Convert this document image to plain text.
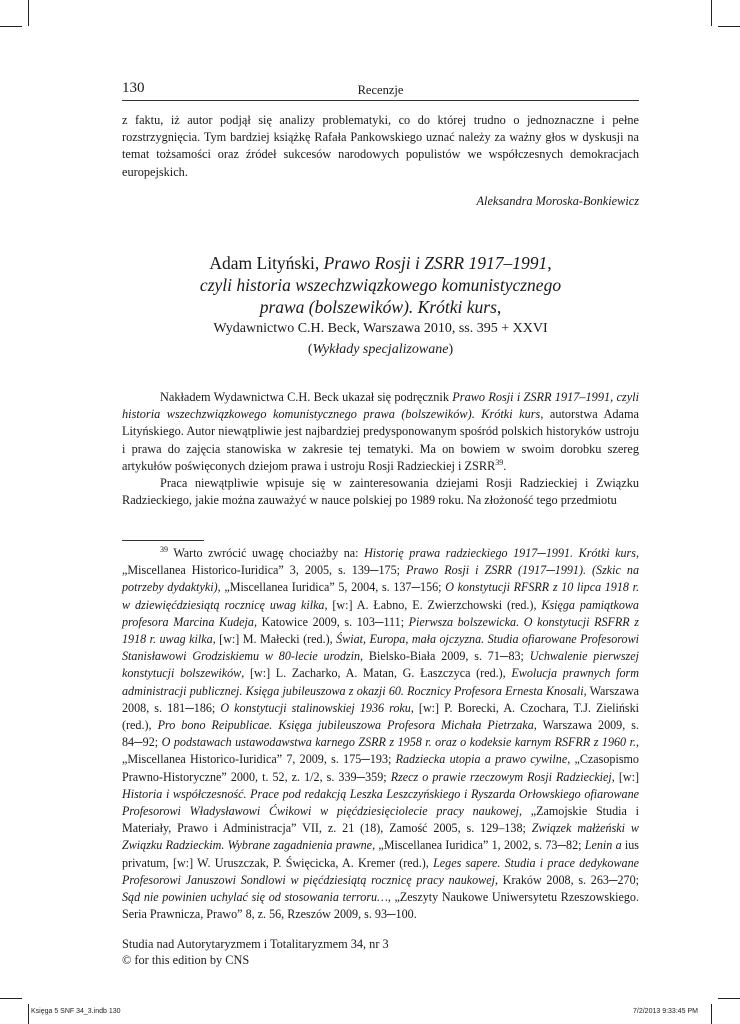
130	Recenzje

z faktu, iż autor podjął się analizy problematyki, co do której trudno o jednoznaczne i pełne rozstrzygnięcia. Tym bardziej książkę Rafała Pankowskiego uznać należy za ważny głos w dyskusji na temat tożsamości oraz źródeł sukcesów narodowych populistów we współczesnych demokracjach europejskich.

Aleksandra Moroska-Bonkiewicz
Adam Lityński, Prawo Rosji i ZSRR 1917–1991,
czyli historia wszechzwiązkowego komunistycznego
prawa (bolszewików). Krótki kurs,
Wydawnictwo C.H. Beck, Warszawa 2010, ss. 395 + XXVI
(Wykłady specjalizowane)

Nakładem Wydawnictwa C.H. Beck ukazał się podręcznik Prawo Rosji i ZSRR 1917–1991, czyli historia wszechzwiązkowego komunistycznego prawa (bolszewików). Krótki kurs, autorstwa Adama Lityńskiego. Autor niewątpliwie jest najbardziej predysponowanym spośród polskich historyków ustroju i prawa do zajęcia stanowiska w zakresie tej tematyki. Ma on bowiem w swoim dorobku szereg artykułów poświęconych dziejom prawa i ustroju Rosji Radzieckiej i ZSRR$^{39}$.

Praca niewątpliwie wpisuje się w zainteresowania dziejami Rosji Radzieckiej i Związku Radzieckiego, jakie można zauważyć w nauce polskiej po 1989 roku. Na złożoność tego przedmiotu

$^{39}$ Warto zwrócić uwagę chociażby na: Historię prawa radzieckiego 1917─1991. Krótki kurs, „Miscellanea Historico-Iuridica” 3, 2005, s. 139─175; Prawo Rosji i ZSRR (1917─1991). (Szkic na potrzeby dydaktyki), „Miscellanea Iuridica” 5, 2004, s. 137─156; O konstytucji RFSRR z 10 lipca 1918 r. w dziewięćdziesiątą rocznicę uwag kilka, [w:] A. Łabno, E. Zwierzchowski (red.), Księga pamiątkowa profesora Marcina Kudeja, Katowice 2009, s. 103─111; Pierwsza bolszewicka. O konstytucji RSFRR z 1918 r. uwag kilka, [w:] M. Małecki (red.), Świat, Europa, mała ojczyzna. Studia ofiarowane Profesorowi Stanisławowi Grodziskiemu w 80-lecie urodzin, Bielsko-Biała 2009, s. 71─83; Uchwalenie pierwszej konstytucji bolszewików, [w:] L. Zacharko, A. Matan, G. Łaszczyca (red.), Ewolucja prawnych form administracji publicznej. Księga jubileuszowa z okazji 60. Rocznicy Profesora Ernesta Knosali, Warszawa 2008, s. 181─186; O konstytucji stalinowskiej 1936 roku, [w:] P. Borecki, A. Czochara, T.J. Zieliński (red.), Pro bono Reipublicae. Księga jubileuszowa Profesora Michała Pietrzaka, Warszawa 2009, s. 84─92; O podstawach ustawodawstwa karnego ZSRR z 1958 r. oraz o kodeksie karnym RSFRR z 1960 r., „Miscellanea Historico-Iuridica” 7, 2009, s. 175─193; Radziecka utopia a prawo cywilne, „Czasopismo Prawno-Historyczne” 2000, t. 52, z. 1/2, s. 339─359; Rzecz o prawie rzeczowym Rosji Radzieckiej, [w:] Historia i współczesność. Prace pod redakcją Leszka Leszczyńskiego i Ryszarda Orłowskiego ofiarowane Profesorowi Władysławowi Ćwikowi w pięćdziesięciolecie pracy naukowej, „Zamojskie Studia i Materiały, Prawo i Administracja” VII, z. 21 (18), Zamość 2005, s. 129–138; Związek małżeński w Związku Radzieckim. Wybrane zagadnienia prawne, „Miscellanea Iuridica” 1, 2002, s. 73─82; Lenin a ius privatum, [w:] W. Uruszczak, P. Święcicka, A. Kremer (red.), Leges sapere. Studia i prace dedykowane Profesorowi Januszowi Sondlowi w pięćdziesiątą rocznicę pracy naukowej, Kraków 2008, s. 263─270; Sąd nie powinien uchylać się od stosowania terroru…, „Zeszyty Naukowe Uniwersytetu Rzeszowskiego. Seria Prawnicza, Prawo” 8, z. 56, Rzeszów 2009, s. 93─100.

Studia nad Autorytaryzmem i Totalitaryzmem 34, nr 3
© for this edition by CNS
Księga 5 SNF 34_3.indb 130	7/2/2013 9:33:45 PM
